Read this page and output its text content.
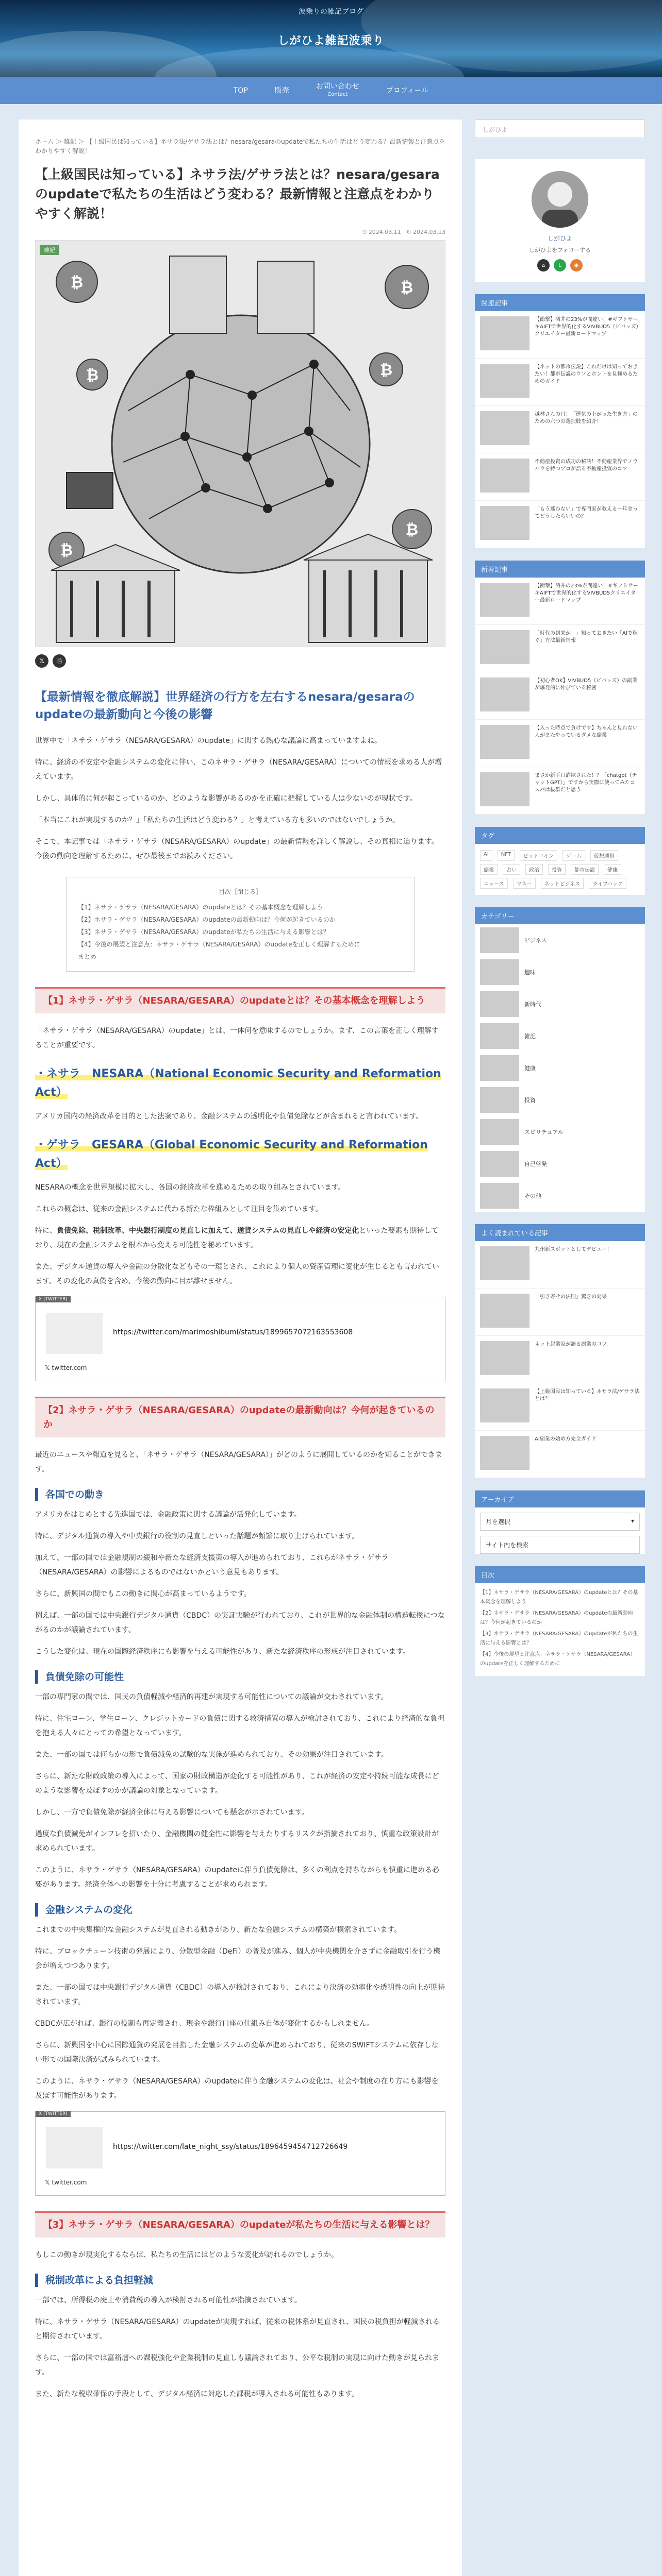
波乗りの雑記ブログ
しがひよ雑記波乗り
TOP	販売	お問い合わせ
Contact	プロフィール
ホーム ＞ 雑記 ＞ 【上級国民は知っている】ネサラ法/ゲサラ法とは？nesara/gesaraのupdateで私たちの生活はどう変わる？最新情報と注意点をわかりやすく解説！
【上級国民は知っている】ネサラ法/ゲサラ法とは？nesara/gesaraのupdateで私たちの生活はどう変わる？最新情報と注意点をわかりやすく解説！
⏱ 2024.03.11 ↻ 2024.03.13
₿	₿
₿
₿
₿
₿
雑記
𝕏	⎘
【最新情報を徹底解説】世界経済の行方を左右するnesara/gesaraのupdateの最新動向と今後の影響

世界中で「ネサラ・ゲサラ（NESARA/GESARA）のupdate」に関する熱心な議論に高まっていますよね。

特に、経済の不安定や金融システムの変化に伴い、このネサラ・ゲサラ（NESARA/GESARA）についての情報を求める人が増えています。

しかし、具体的に何が起こっているのか、どのような影響があるのかを正確に把握している人は少ないのが現状です。

「本当にこれが実現するのか？」「私たちの生活はどう変わる？」と考えている方も多いのではないでしょうか。

そこで、本記事では「ネサラ・ゲサラ（NESARA/GESARA）のupdate」の最新情報を詳しく解説し、その真相に迫ります。今後の動向を理解するために、ぜひ最後までお読みください。

目次［閉じる］
【1】ネサラ・ゲサラ（NESARA/GESARA）のupdateとは？その基本概念を理解しよう
【2】ネサラ・ゲサラ（NESARA/GESARA）のupdateの最新動向は？今何が起きているのか
【3】ネサラ・ゲサラ（NESARA/GESARA）のupdateが私たちの生活に与える影響とは？
【4】今後の展望と注意点：ネサラ・ゲサラ（NESARA/GESARA）のupdateを正しく理解するために
まとめ
【1】ネサラ・ゲサラ（NESARA/GESARA）のupdateとは？その基本概念を理解しよう

「ネサラ・ゲサラ（NESARA/GESARA）のupdate」とは、一体何を意味するのでしょうか。まず、この言葉を正しく理解することが重要です。

・ネサラ　NESARA（National Economic Security and Reformation Act）

アメリカ国内の経済改革を目的とした法案であり、金融システムの透明化や負債免除などが含まれると言われています。

・ゲサラ　GESARA（Global Economic Security and Reformation Act）

NESARAの概念を世界規模に拡大し、各国の経済改革を進めるための取り組みとされています。

これらの概念は、従来の金融システムに代わる新たな枠組みとして注目を集めています。

特に、負債免除、税制改革、中央銀行制度の見直しに加えて、通貨システムの見直しや経済の安定化といった要素も期待しており、現在の金融システムを根本から変える可能性を秘めています。

また、デジタル通貨の導入や金融の分散化などもその一環とされ、これにより個人の資産管理に変化が生じるとも言われています。その変化の真偽を含め、今後の動向に目が離せません。

X (TWITTER)
https://twitter.com/marimoshibumi/status/1899657072163553608
𝕏 twitter.com
【2】ネサラ・ゲサラ（NESARA/GESARA）のupdateの最新動向は？今何が起きているのか

最近のニュースや報道を見ると、「ネサラ・ゲサラ（NESARA/GESARA）」がどのように展開しているのかを知ることができます。

各国での動き

アメリカをはじめとする先進国では、金融政策に関する議論が活発化しています。

特に、デジタル通貨の導入や中央銀行の役割の見直しといった話題が頻繁に取り上げられています。

加えて、一部の国では金融規制の緩和や新たな経済支援策の導入が進められており、これらがネサラ・ゲサラ（NESARA/GESARA）の影響によるものではないかという意見もあります。

さらに、新興国の間でもこの動きに関心が高まっているようです。

例えば、一部の国では中央銀行デジタル通貨（CBDC）の実証実験が行われており、これが世界的な金融体制の構造転換につながるのかが議論されています。

こうした変化は、現在の国際経済秩序にも影響を与える可能性があり、新たな経済秩序の形成が注目されています。

負債免除の可能性

一部の専門家の間では、国民の負債軽減や経済的再建が実現する可能性についての議論が交わされています。

特に、住宅ローン、学生ローン、クレジットカードの負債に関する救済措置の導入が検討されており、これにより経済的な負担を抱える人々にとっての希望となっています。

また、一部の国では何らかの形で負債減免の試験的な実施が進められており、その効果が注目されています。

さらに、新たな財政政策の導入によって、国家の財政構造が変化する可能性があり、これが経済の安定や持続可能な成長にどのような影響を及ぼすのかが議論の対象となっています。

しかし、一方で負債免除が経済全体に与える影響についても懸念が示されています。

過度な負債減免がインフレを招いたり、金融機関の健全性に影響を与えたりするリスクが指摘されており、慎重な政策設計が求められています。

このように、ネサラ・ゲサラ（NESARA/GESARA）のupdateに伴う負債免除は、多くの利点を持ちながらも慎重に進める必要があります。経済全体への影響を十分に考慮することが求められます。

金融システムの変化

これまでの中央集権的な金融システムが見直される動きがあり、新たな金融システムの構築が模索されています。

特に、ブロックチェーン技術の発展により、分散型金融（DeFi）の普及が進み、個人が中央機関を介さずに金融取引を行う機会が増えつつあります。

また、一部の国では中央銀行デジタル通貨（CBDC）の導入が検討されており、これにより決済の効率化や透明性の向上が期待されています。

CBDCが広がれば、銀行の役割も再定義され、現金や銀行口座の仕組み自体が変化するかもしれません。

さらに、新興国を中心に国際通貨の発展を目指した金融システムの変革が進められており、従来のSWIFTシステムに依存しない形での国際決済が試みられています。

このように、ネサラ・ゲサラ（NESARA/GESARA）のupdateに伴う金融システムの変化は、社会や制度の在り方にも影響を及ぼす可能性があります。

X (TWITTER)
https://twitter.com/late_night_ssy/status/1896459454712726649
𝕏 twitter.com
【3】ネサラ・ゲサラ（NESARA/GESARA）のupdateが私たちの生活に与える影響とは？

もしこの動きが現実化するならば、私たちの生活にはどのような変化が訪れるのでしょうか。

税制改革による負担軽減

一部では、所得税の廃止や消費税の導入が検討される可能性が指摘されています。

特に、ネサラ・ゲサラ（NESARA/GESARA）のupdateが実現すれば、従来の税体系が見直され、国民の税負担が軽減されると期待されています。

さらに、一部の国では富裕層への課税強化や企業税制の見直しも議論されており、公平な税制の実現に向けた動きが見られます。

また、新たな税収確保の手段として、デジタル経済に対応した課税が導入される可能性もあります。

しがひよ
しがひよ
しがひよをフォローする
⌂	L	◉
関連記事
【衝撃】酒井の23%が間違い！#ギフトサーキAIFTで世界的化するVIVBUD5（ビバッズ）クリエイター最新ロードマップ
【ネットの都市伝説】これだけは知っておきたい！都市伝説のウソとホントを見極めるためのガイド
越林さんの月！「運気の上がった生き方」のための六つの選択肢を紹介！
不動産投資の成功の秘訣！不動産業界でノウハウを持つプロが語る不動産投資のコツ
「もう迷わない」で専門家が教える〜年金ってどうしたらいいの？
新着記事
【衝撃】酒井の23%が間違い！#ギフトサーキAIFTで世界的化するVIVBUD5クリエイター最新ロードマップ
「時代の到来か！」知っておきたい「AIで稼ぐ」方法最新情報
【初心者OK】VIVBUD5（ビバッズ）の副業が爆発的に伸びている秘密
【入った時点で負けです】ちゃんと見れない人がまたやっているダメな副業
まさか新手口詐欺された！？「chatgpt（チャットGPT）」ですから実際に使ってみたコスパは抜群だと思う
タグ
AI	NFT	ビットコイン	ゲーム	仮想通貨
副業	占い	政治	投資	都市伝説	健康
ニュース	マネー	ネットビジネス	ライフハック
カテゴリー
ビジネス
趣味
新時代
雑記
健康
投資
スピリチュアル
自己啓発
その他
よく読まれている記事
九州新スポットとしてデビュー！
「引き寄せの法則」驚きの効果
ネット起業家が語る副業のコツ
【上級国民は知っている】ネサラ法/ゲサラ法とは？
AI副業の始め方完全ガイド
アーカイブ
月を選択	▾
サイト内を検索
目次
【1】ネサラ・ゲサラ（NESARA/GESARA）のupdateとは？その基本概念を理解しよう
【2】ネサラ・ゲサラ（NESARA/GESARA）のupdateの最新動向は？今何が起きているのか
【3】ネサラ・ゲサラ（NESARA/GESARA）のupdateが私たちの生活に与える影響とは？
【4】今後の展望と注意点：ネサラ・ゲサラ（NESARA/GESARA）のupdateを正しく理解するために
